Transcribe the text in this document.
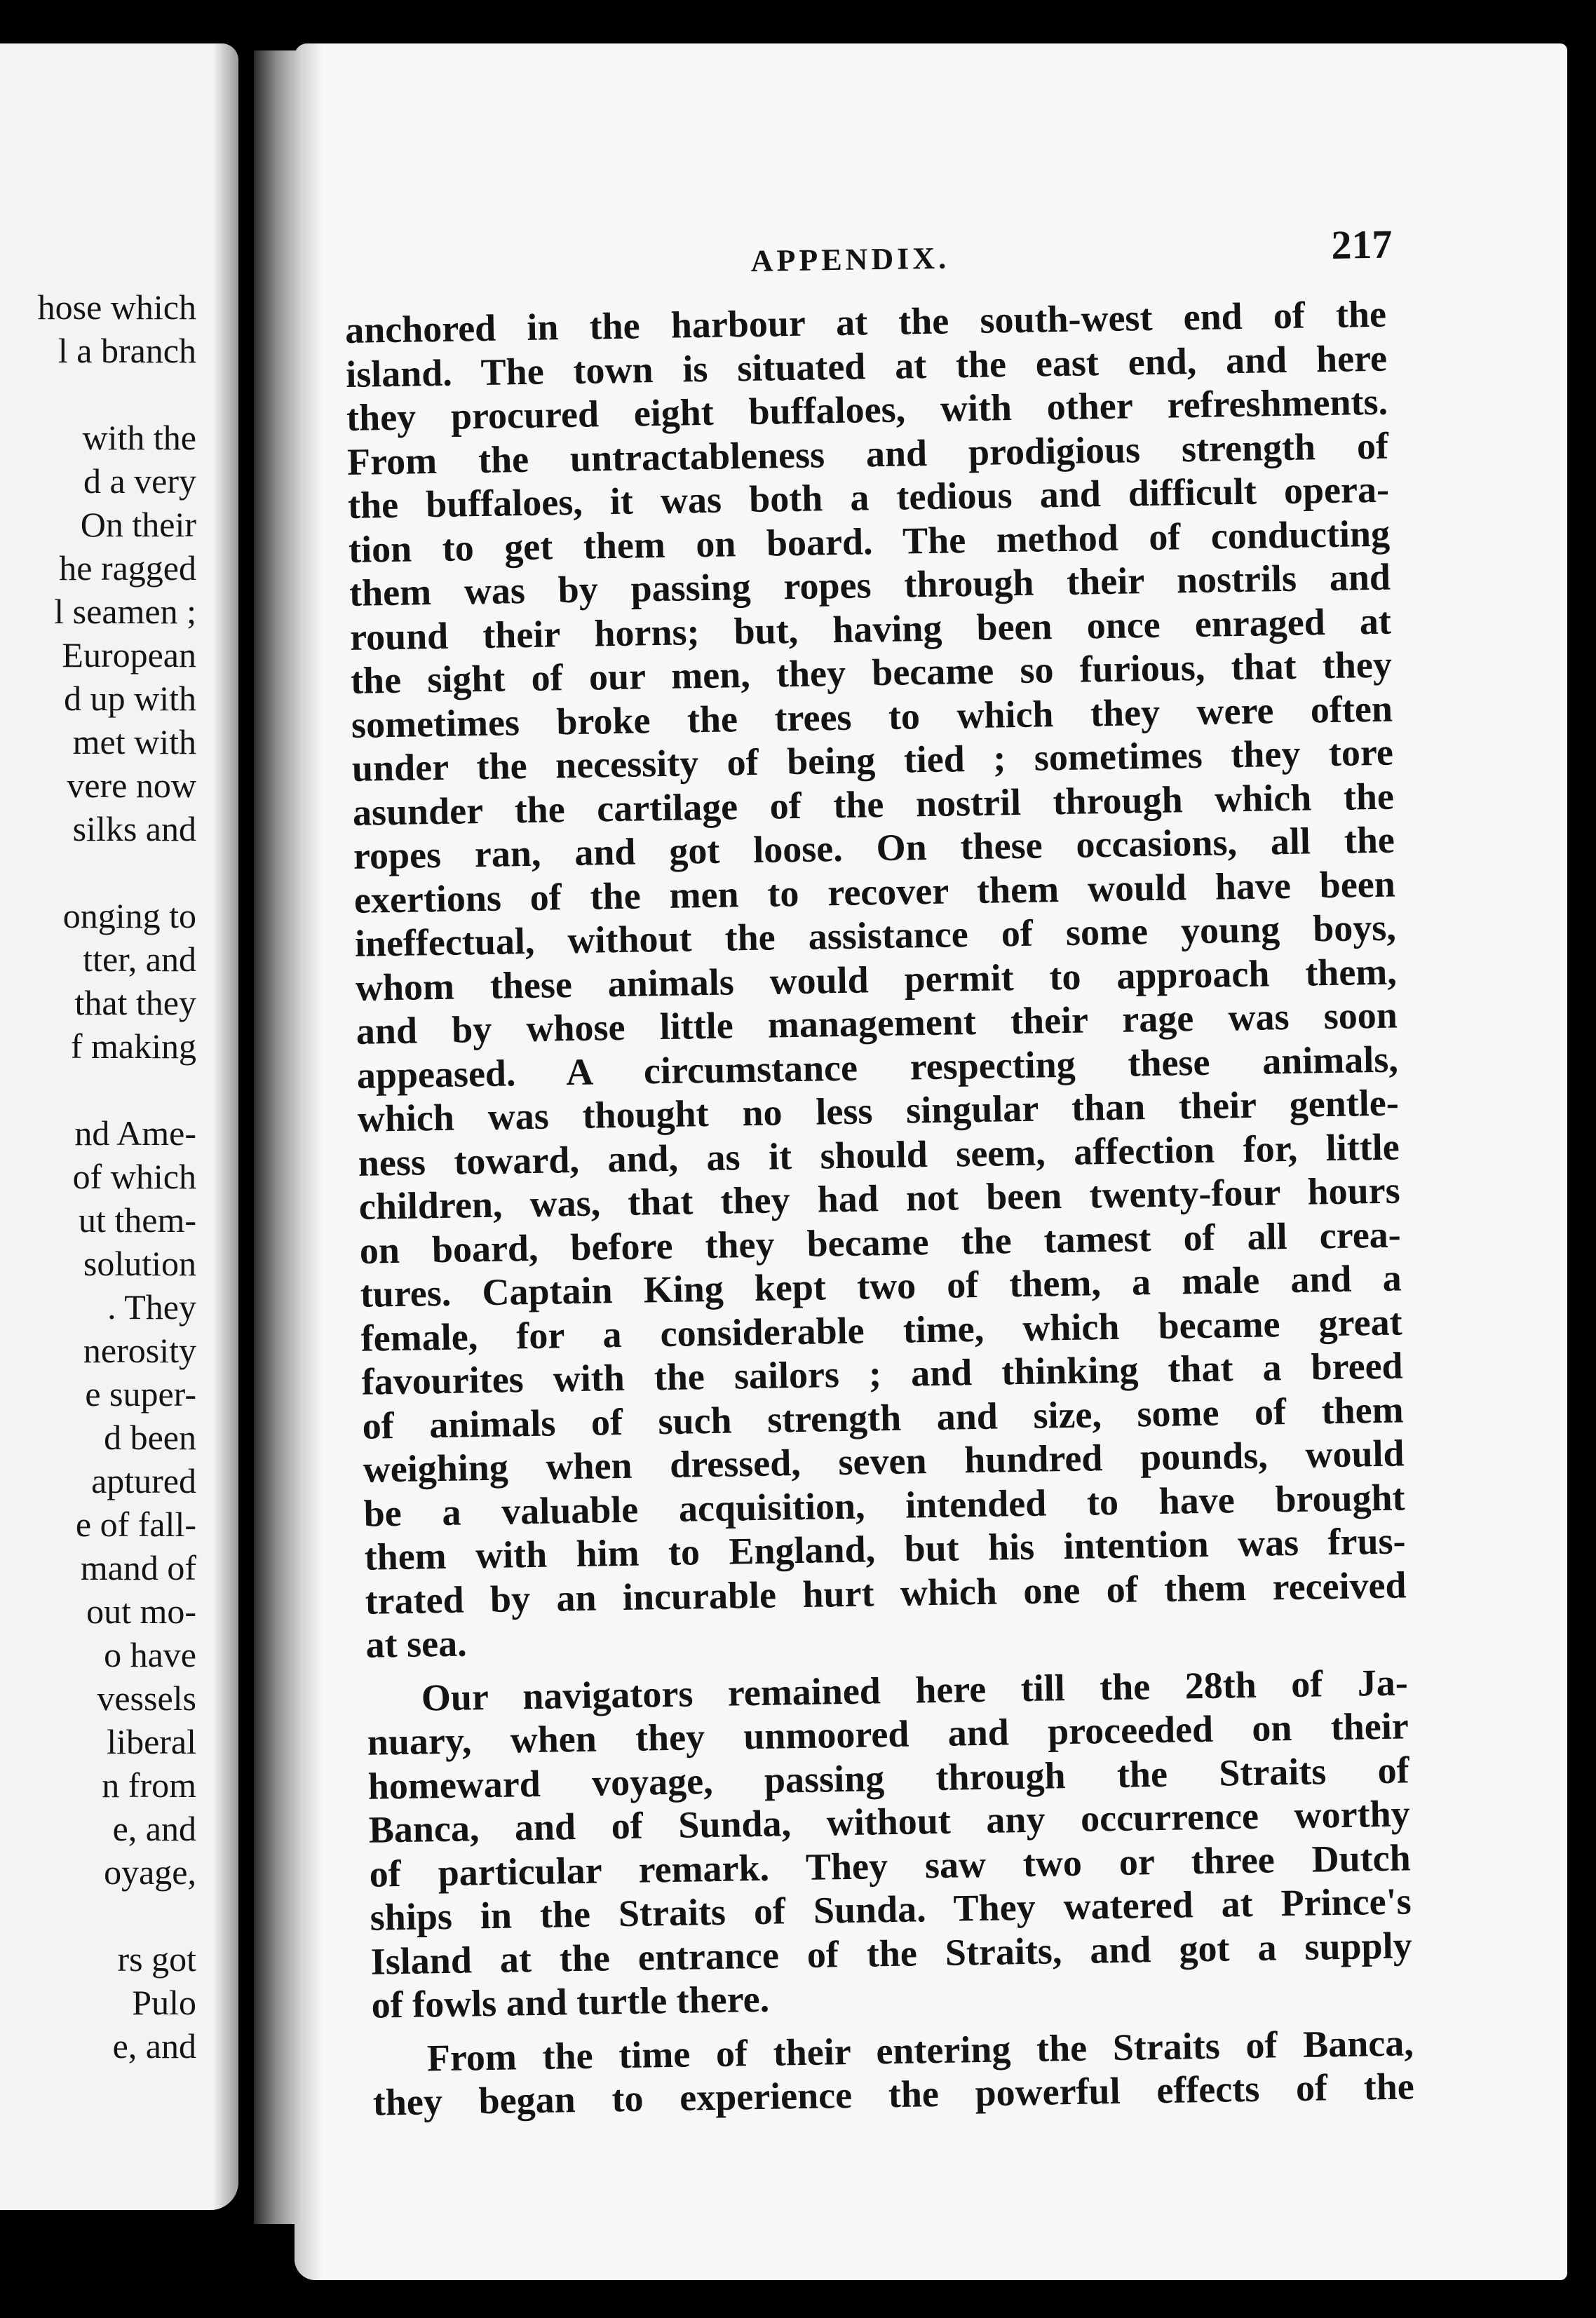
hose which
l a branch
with the
d a very
On their
he ragged
l seamen ;
European
d up with
met with
vere now
silks and
onging to
tter, and
that they
f making
nd Ame-
of which
ut them-
solution
. They
nerosity
e super-
d been
aptured
e of fall-
mand of
out mo-
o have
vessels
liberal
n from
e, and
oyage,
rs got
Pulo
e, and
APPENDIX.	217

anchored in the harbour at the south-west end of the
island. The town is situated at the east end, and here
they procured eight buffaloes, with other refreshments.
From the untractableness and prodigious strength of
the buffaloes, it was both a tedious and difficult opera-
tion to get them on board. The method of conducting
them was by passing ropes through their nostrils and
round their horns; but, having been once enraged at
the sight of our men, they became so furious, that they
sometimes broke the trees to which they were often
under the necessity of being tied ; sometimes they tore
asunder the cartilage of the nostril through which the
ropes ran, and got loose. On these occasions, all the
exertions of the men to recover them would have been
ineffectual, without the assistance of some young boys,
whom these animals would permit to approach them,
and by whose little management their rage was soon
appeased. A circumstance respecting these animals,
which was thought no less singular than their gentle-
ness toward, and, as it should seem, affection for, little
children, was, that they had not been twenty-four hours
on board, before they became the tamest of all crea-
tures. Captain King kept two of them, a male and a
female, for a considerable time, which became great
favourites with the sailors ; and thinking that a breed
of animals of such strength and size, some of them
weighing when dressed, seven hundred pounds, would
be a valuable acquisition, intended to have brought
them with him to England, but his intention was frus-
trated by an incurable hurt which one of them received
at sea.

Our navigators remained here till the 28th of Ja-
nuary, when they unmoored and proceeded on their
homeward voyage, passing through the Straits of
Banca, and of Sunda, without any occurrence worthy
of particular remark. They saw two or three Dutch
ships in the Straits of Sunda. They watered at Prince's
Island at the entrance of the Straits, and got a supply
of fowls and turtle there.

From the time of their entering the Straits of Banca,
they began to experience the powerful effects of the
